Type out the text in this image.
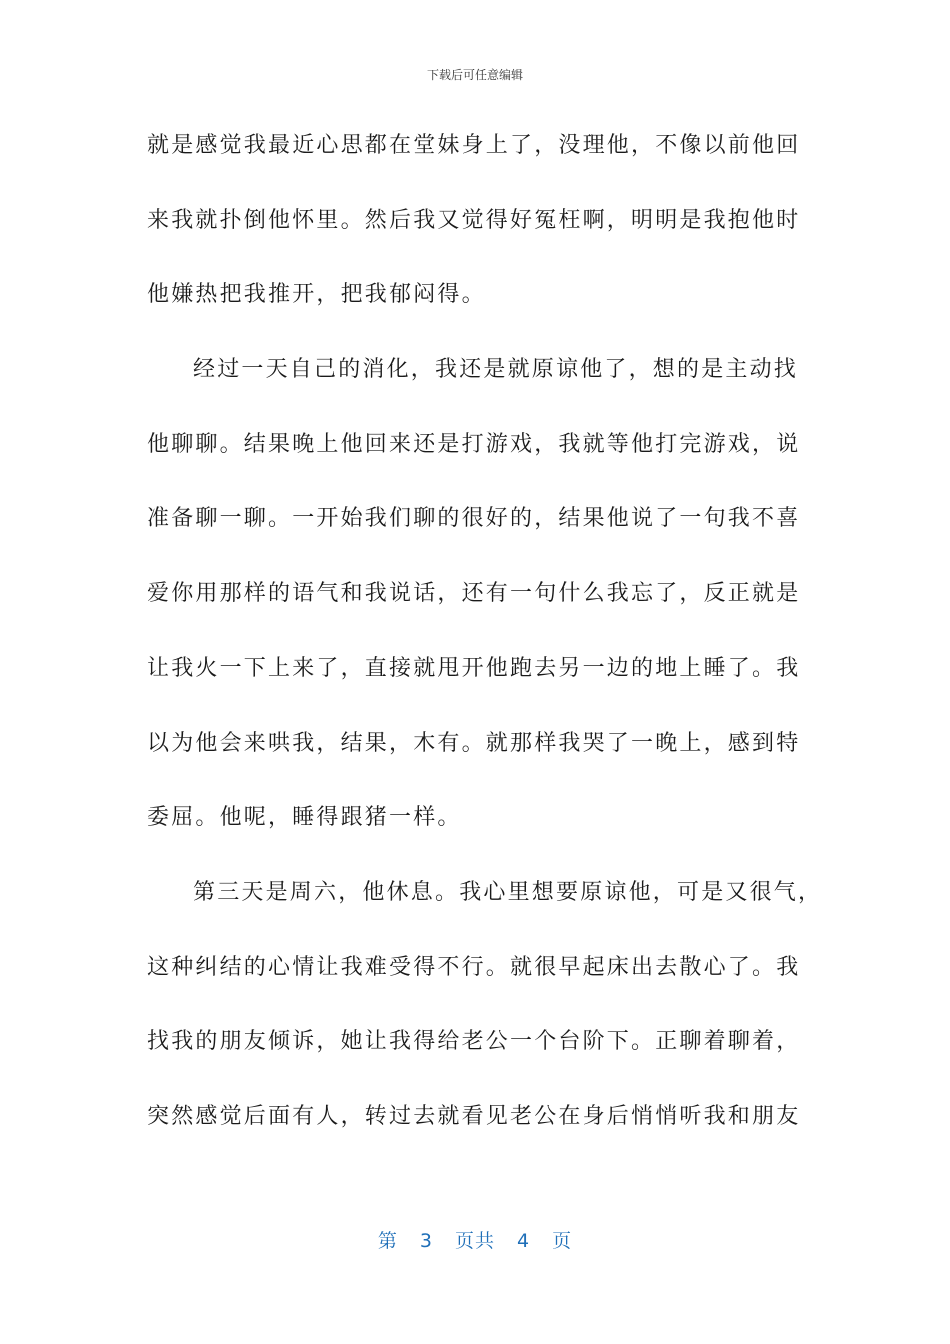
下载后可任意编辑
就是感觉我最近心思都在堂妹身上了，没理他，不像以前他回
来我就扑倒他怀里。然后我又觉得好冤枉啊，明明是我抱他时
他嫌热把我推开，把我郁闷得。
经过一天自己的消化，我还是就原谅他了，想的是主动找
他聊聊。结果晚上他回来还是打游戏，我就等他打完游戏，说
准备聊一聊。一开始我们聊的很好的，结果他说了一句我不喜
爱你用那样的语气和我说话，还有一句什么我忘了，反正就是
让我火一下上来了，直接就甩开他跑去另一边的地上睡了。我
以为他会来哄我，结果，木有。就那样我哭了一晚上，感到特
委屈。他呢，睡得跟猪一样。
第三天是周六，他休息。我心里想要原谅他，可是又很气，
这种纠结的心情让我难受得不行。就很早起床出去散心了。我
找我的朋友倾诉，她让我得给老公一个台阶下。正聊着聊着，
突然感觉后面有人，转过去就看见老公在身后悄悄听我和朋友
第 3 页共 4 页
